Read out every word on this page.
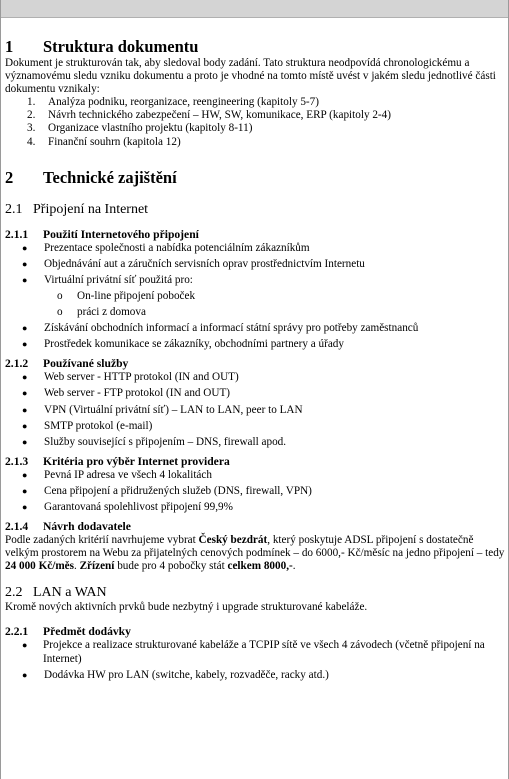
1	Struktura dokumentu

Dokument je strukturován tak, aby sledoval body zadání. Tato struktura neodpovídá chronologickému a významovému sledu vzniku dokumentu a proto je vhodné na tomto místě uvést v jakém sledu jednotlivé části dokumentu vznikaly:

1.	Analýza podniku, reorganizace, reengineering (kapitoly 5-7)
2.	Návrh technického zabezpečení – HW, SW, komunikace, ERP (kapitoly 2-4)
3.	Organizace vlastního projektu (kapitoly 8-11)
4.	Finanční souhrn (kapitola 12)
2	Technické zajištění
2.1 Připojení na Internet
2.1.1	Použití Internetového připojení
●	Prezentace společnosti a nabídka potenciálním zákazníkům
●	Objednávání aut a záručních servisních oprav prostřednictvím Internetu
●	Virtuální privátní síť použitá pro:
o	On-line připojení poboček
o	práci z domova
●	Získávání obchodních informací a informací státní správy pro potřeby zaměstnanců
●	Prostředek komunikace se zákazníky, obchodními partnery a úřady
2.1.2	Používané služby
●	Web server - HTTP protokol (IN and OUT)
●	Web server - FTP protokol (IN and OUT)
●	VPN (Virtuální privátní síť) – LAN to LAN, peer to LAN
●	SMTP protokol (e-mail)
●	Služby související s připojením – DNS, firewall apod.
2.1.3	Kritéria pro výběr Internet providera
●	Pevná IP adresa ve všech 4 lokalitách
●	Cena připojení a přidružených služeb (DNS, firewall, VPN)
●	Garantovaná spolehlivost připojení 99,9%
2.1.4	Návrh dodavatele

Podle zadaných kritérií navrhujeme vybrat Český bezdrát, který poskytuje ADSL připojení s dostatečně velkým prostorem na Webu za přijatelných cenových podmínek – do 6000,- Kč/měsíc na jedno připojení – tedy 24 000 Kč/měs. Zřízení bude pro 4 pobočky stát celkem 8000,-.

2.2 LAN a WAN

Kromě nových aktivních prvků bude nezbytný i upgrade strukturované kabeláže.

2.2.1	Předmět dodávky
●	Projekce a realizace strukturované kabeláže a TCPIP sítě ve všech 4 závodech (včetně připojení na Internet)
●	Dodávka HW pro LAN (switche, kabely, rozvaděče, racky atd.)
